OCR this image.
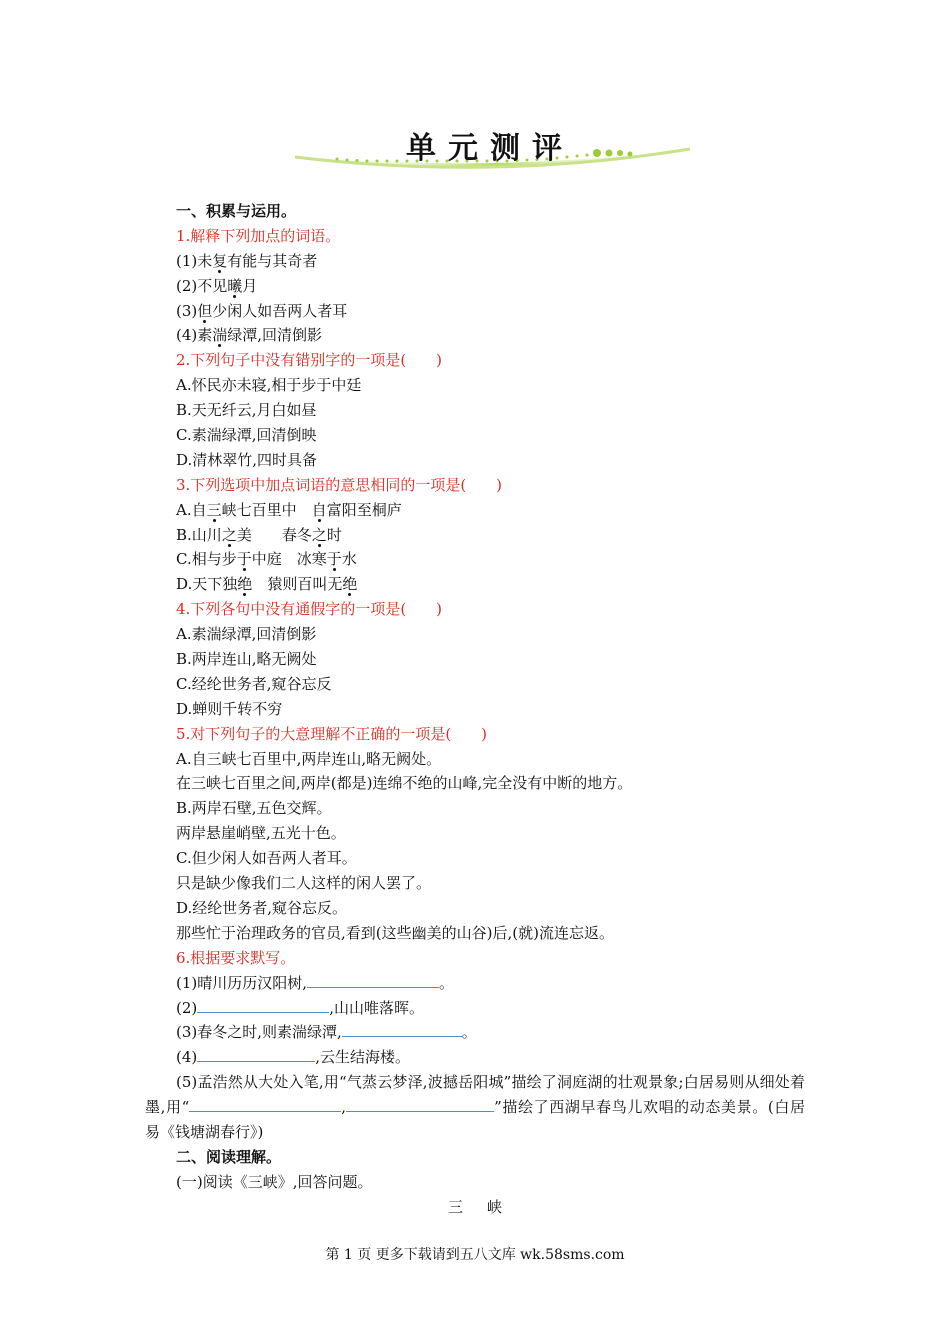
单元测评
一、积累与运用。
1.解释下列加点的词语。
(1)未复有能与其奇者
(2)不见曦月
(3)但少闲人如吾两人者耳
(4)素湍绿潭,回清倒影
2.下列句子中没有错别字的一项是(　　)
A.怀民亦未寝,相于步于中廷
B.天无纤云,月白如昼
C.素湍绿潭,回清倒映
D.清林翠竹,四时具备
3.下列选项中加点词语的意思相同的一项是(　　)
A.自三峡七百里中　 自富阳至桐庐
B.山川之美　　 春冬之时
C.相与步于中庭　 冰寒于水
D.天下独绝　 猿则百叫无绝
4.下列各句中没有通假字的一项是(　　)
A.素湍绿潭,回清倒影
B.两岸连山,略无阙处
C.经纶世务者,窥谷忘反
D.蝉则千转不穷
5.对下列句子的大意理解不正确的一项是(　　)
A.自三峡七百里中,两岸连山,略无阙处。
在三峡七百里之间,两岸(都是)连绵不绝的山峰,完全没有中断的地方。
B.两岸石壁,五色交辉。
两岸悬崖峭壁,五光十色。
C.但少闲人如吾两人者耳。
只是缺少像我们二人这样的闲人罢了。
D.经纶世务者,窥谷忘反。
那些忙于治理政务的官员,看到(这些幽美的山谷)后,(就)流连忘返。
6.根据要求默写。
(1)晴川历历汉阳树,	。
(2)	,山山唯落晖。
(3)春冬之时,则素湍绿潭,	。
(4)	,云生结海楼。
(5)孟浩然从大处入笔,用“气蒸云梦泽,波撼岳阳城”描绘了洞庭湖的壮观景象;白居易则从细处着墨,用“	,	”描绘了西湖早春鸟儿欢唱的动态美景。(白居易《钱塘湖春行》)
二、阅读理解。
(一)阅读《三峡》,回答问题。
三峡
第 1 页 更多下载请到五八文库 wk.58sms.com
